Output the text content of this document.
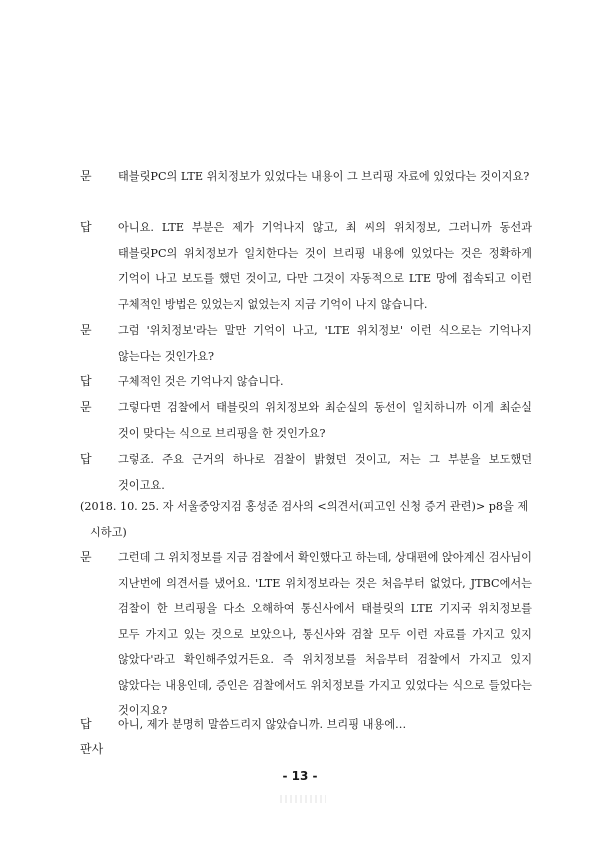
문 태블릿PC의 LTE 위치정보가 있었다는 내용이 그 브리핑 자료에 있었다는 것이지요?
답 아니요. LTE 부분은 제가 기억나지 않고, 최 씨의 위치정보, 그러니까 동선과 태블릿PC의 위치정보가 일치한다는 것이 브리핑 내용에 있었다는 것은 정확하게 기억이 나고 보도를 했던 것이고, 다만 그것이 자동적으로 LTE 망에 접속되고 이런 구체적인 방법은 있었는지 없었는지 지금 기억이 나지 않습니다.
문 그럼 '위치정보'라는 말만 기억이 나고, 'LTE 위치정보' 이런 식으로는 기억나지 않는다는 것인가요?
답 구체적인 것은 기억나지 않습니다.
문 그렇다면 검찰에서 태블릿의 위치정보와 최순실의 동선이 일치하니까 이게 최순실 것이 맞다는 식으로 브리핑을 한 것인가요?
답 그렇죠. 주요 근거의 하나로 검찰이 밝혔던 것이고, 저는 그 부분을 보도했던 것이고요.
(2018. 10. 25. 자 서울중앙지검 홍성준 검사의 <의견서(피고인 신청 증거 관련)> p8을 제
시하고)
문 그런데 그 위치정보를 지금 검찰에서 확인했다고 하는데, 상대편에 앉아계신 검사님이 지난번에 의견서를 냈어요. 'LTE 위치정보라는 것은 처음부터 없었다, JTBC에서는 검찰이 한 브리핑을 다소 오해하여 통신사에서 태블릿의 LTE 기지국 위치정보를 모두 가지고 있는 것으로 보았으나, 통신사와 검찰 모두 이런 자료를 가지고 있지 않았다'라고 확인해주었거든요. 즉 위치정보를 처음부터 검찰에서 가지고 있지 않았다는 내용인데, 증인은 검찰에서도 위치정보를 가지고 있었다는 식으로 들었다는 것이지요?
답 아니, 제가 분명히 말씀드리지 않았습니까. 브리핑 내용에…
판사
- 13 -
